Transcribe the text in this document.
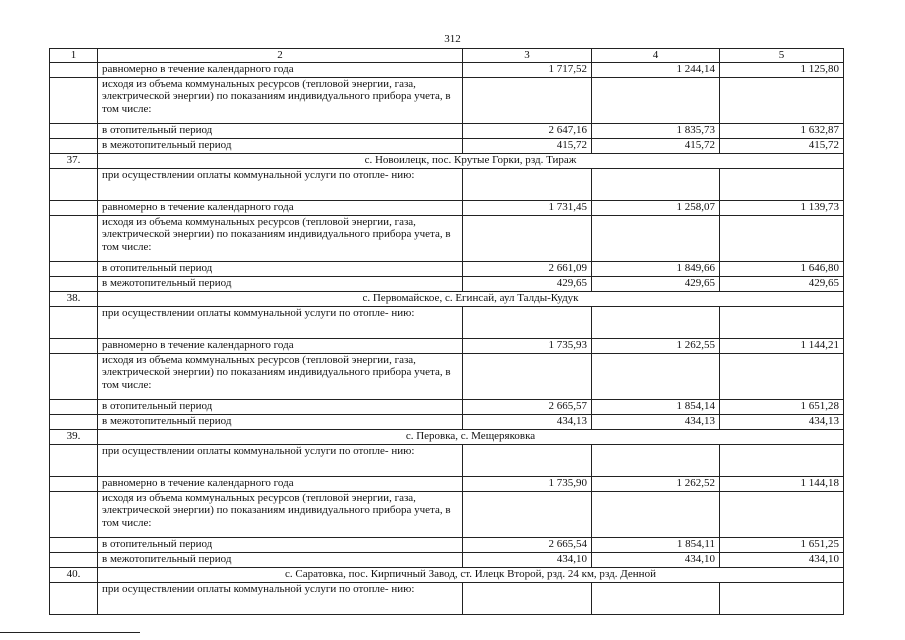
312
1	2	3	4	5
	равномерно в течение календарного года	1 717,52	1 244,14	1 125,80
	исходя из объема коммунальных ресурсов (тепловой энергии, газа, электрической энергии) по показаниям индивидуального прибора учета, в том числе:			
	в отопительный период	2 647,16	1 835,73	1 632,87
	в межотопительный период	415,72	415,72	415,72
37.	с. Новоилецк, пос. Крутые Горки, рзд. Тираж			
	при осуществлении оплаты коммунальной услуги по отопле- нию:			
	равномерно в течение календарного года	1 731,45	1 258,07	1 139,73
	исходя из объема коммунальных ресурсов (тепловой энергии, газа, электрической энергии) по показаниям индивидуального прибора учета, в том числе:			
	в отопительный период	2 661,09	1 849,66	1 646,80
	в межотопительный период	429,65	429,65	429,65
38.	с. Первомайское, с. Егинсай, аул Талды-Кудук			
	при осуществлении оплаты коммунальной услуги по отопле- нию:			
	равномерно в течение календарного года	1 735,93	1 262,55	1 144,21
	исходя из объема коммунальных ресурсов (тепловой энергии, газа, электрической энергии) по показаниям индивидуального прибора учета, в том числе:			
	в отопительный период	2 665,57	1 854,14	1 651,28
	в межотопительный период	434,13	434,13	434,13
39.	с. Перовка, с. Мещеряковка			
	при осуществлении оплаты коммунальной услуги по отопле- нию:			
	равномерно в течение календарного года	1 735,90	1 262,52	1 144,18
	исходя из объема коммунальных ресурсов (тепловой энергии, газа, электрической энергии) по показаниям индивидуального прибора учета, в том числе:			
	в отопительный период	2 665,54	1 854,11	1 651,25
	в межотопительный период	434,10	434,10	434,10
40.	с. Саратовка, пос. Кирпичный Завод, ст. Илецк Второй, рзд. 24 км, рзд. Денной			
	при осуществлении оплаты коммунальной услуги по отопле- нию:			
